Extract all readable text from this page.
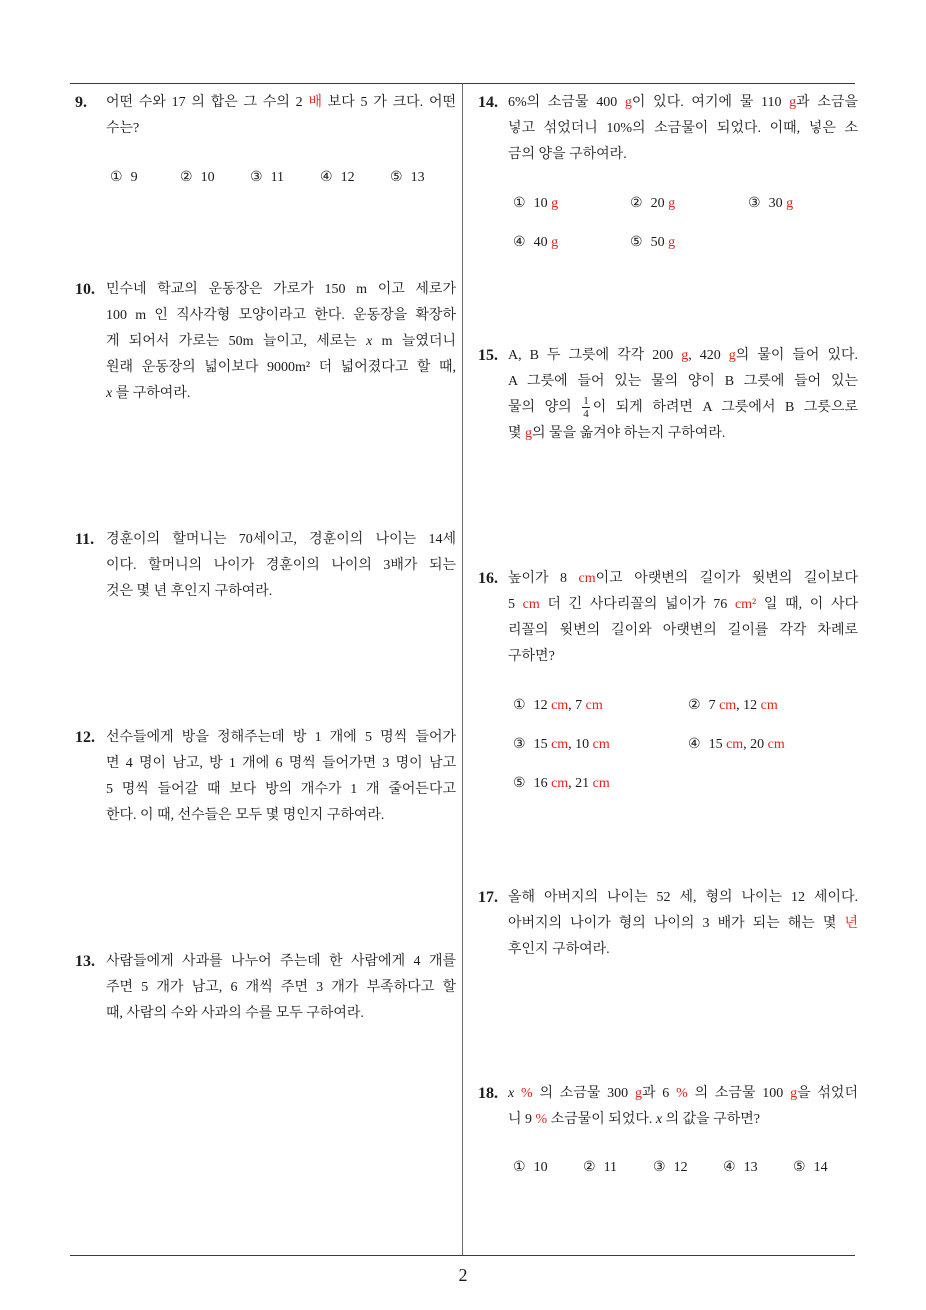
9. 어떤 수와 17 의 합은 그 수의 2 배 보다 5 가 크다. 어떤
수는?
① 9	② 10	③ 11	④ 12	⑤ 13
10. 민수네 학교의 운동장은 가로가 150 m 이고 세로가
100 m 인 직사각형 모양이라고 한다. 운동장을 확장하
게 되어서 가로는 50m 늘이고, 세로는 x m 늘였더니
원래 운동장의 넓이보다 9000m² 더 넓어졌다고 할 때,
x 를 구하여라.
11. 경훈이의 할머니는 70세이고, 경훈이의 나이는 14세
이다. 할머니의 나이가 경훈이의 나이의 3배가 되는
것은 몇 년 후인지 구하여라.
12. 선수들에게 방을 정해주는데 방 1 개에 5 명씩 들어가
면 4 명이 남고, 방 1 개에 6 명씩 들어가면 3 명이 남고
5 명씩 들어갈 때 보다 방의 개수가 1 개 줄어든다고
한다. 이 때, 선수들은 모두 몇 명인지 구하여라.
13. 사람들에게 사과를 나누어 주는데 한 사람에게 4 개를
주면 5 개가 남고, 6 개씩 주면 3 개가 부족하다고 할
때, 사람의 수와 사과의 수를 모두 구하여라.
14. 6%의 소금물 400 g이 있다. 여기에 물 110 g과 소금을
넣고 섞었더니 10%의 소금물이 되었다. 이때, 넣은 소
금의 양을 구하여라.
① 10 g	② 20 g	③ 30 g
④ 40 g	⑤ 50 g
15. A, B 두 그릇에 각각 200 g, 420 g의 물이 들어 있다.
A 그릇에 들어 있는 물의 양이 B 그릇에 들어 있는
물의 양의 $\frac{1}{4}$ 이 되게 하려면 A 그릇에서 B 그릇으로
몇 g의 물을 옮겨야 하는지 구하여라.
16. 높이가 8 cm이고 아랫변의 길이가 윗변의 길이보다
5 cm 더 긴 사다리꼴의 넓이가 76 cm² 일 때, 이 사다
리꼴의 윗변의 길이와 아랫변의 길이를 각각 차례로
구하면?
① 12 cm, 7 cm	② 7 cm, 12 cm
③ 15 cm, 10 cm	④ 15 cm, 20 cm
⑤ 16 cm, 21 cm
17. 올해 아버지의 나이는 52 세, 형의 나이는 12 세이다.
아버지의 나이가 형의 나이의 3 배가 되는 해는 몇 년
후인지 구하여라.
18. x % 의 소금물 300 g과 6 % 의 소금물 100 g을 섞었더
니 9 % 소금물이 되었다. x 의 값을 구하면?
① 10	② 11	③ 12	④ 13	⑤ 14
2
